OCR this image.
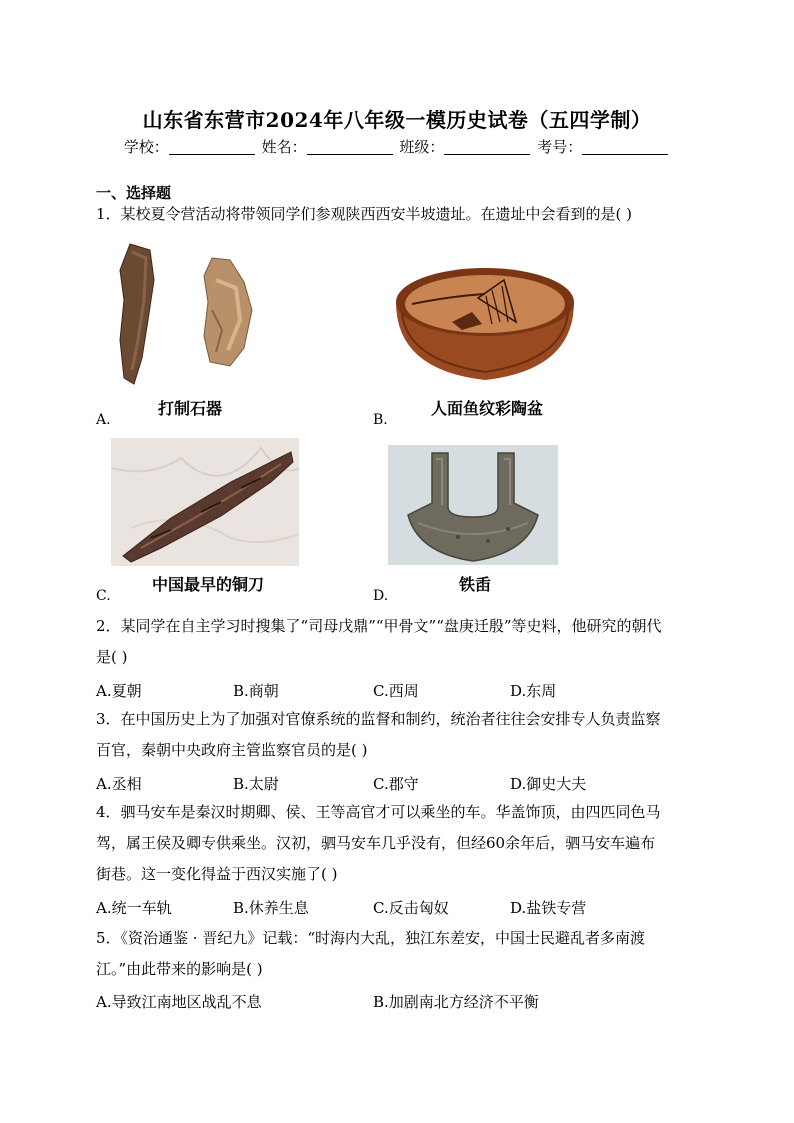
山东省东营市2024年八年级一模历史试卷（五四学制）
学校：	姓名：	班级：	考号：
一、选择题
1．某校夏令营活动将带领同学们参观陕西西安半坡遗址。在遗址中会看到的是( )
打制石器
A.
人面鱼纹彩陶盆
B.
中国最早的铜刀
C.
铁臿
D.
2．某同学在自主学习时搜集了“司母戊鼎”“甲骨文”“盘庚迁殷”等史料，他研究的朝代
是( )
A.夏朝	B.商朝	C.西周	D.东周
3．在中国历史上为了加强对官僚系统的监督和制约，统治者往往会安排专人负责监察
百官，秦朝中央政府主管监察官员的是( )
A.丞相	B.太尉	C.郡守	D.御史大夫
4．驷马安车是秦汉时期卿、侯、王等高官才可以乘坐的车。华盖饰顶，由四匹同色马
驾，属王侯及卿专供乘坐。汉初，驷马安车几乎没有，但经60余年后，驷马安车遍布
街巷。这一变化得益于西汉实施了( )
A.统一车轨	B.休养生息	C.反击匈奴	D.盐铁专营
5．《资治通鉴 · 晋纪九》记载：“时海内大乱，独江东差安，中国士民避乱者多南渡
江。”由此带来的影响是( )
A.导致江南地区战乱不息	B.加剧南北方经济不平衡
